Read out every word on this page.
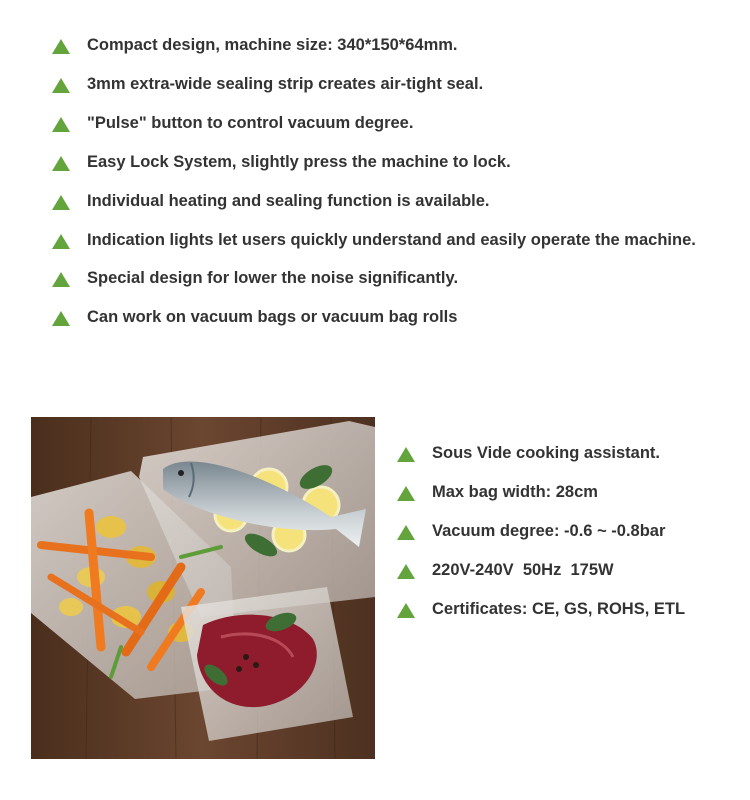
Compact design, machine size: 340*150*64mm.
3mm extra-wide sealing strip creates air-tight seal.
"Pulse" button to control vacuum degree.
Easy Lock System, slightly press the machine to lock.
Individual heating and sealing function is available.
Indication lights let users quickly understand and easily operate the machine.
Special design for lower the noise significantly.
Can work on vacuum bags or vacuum bag rolls
Sous Vide cooking assistant.
Max bag width: 28cm
Vacuum degree: -0.6 ~ -0.8bar
220V-240V  50Hz  175W
Certificates: CE, GS, ROHS, ETL
